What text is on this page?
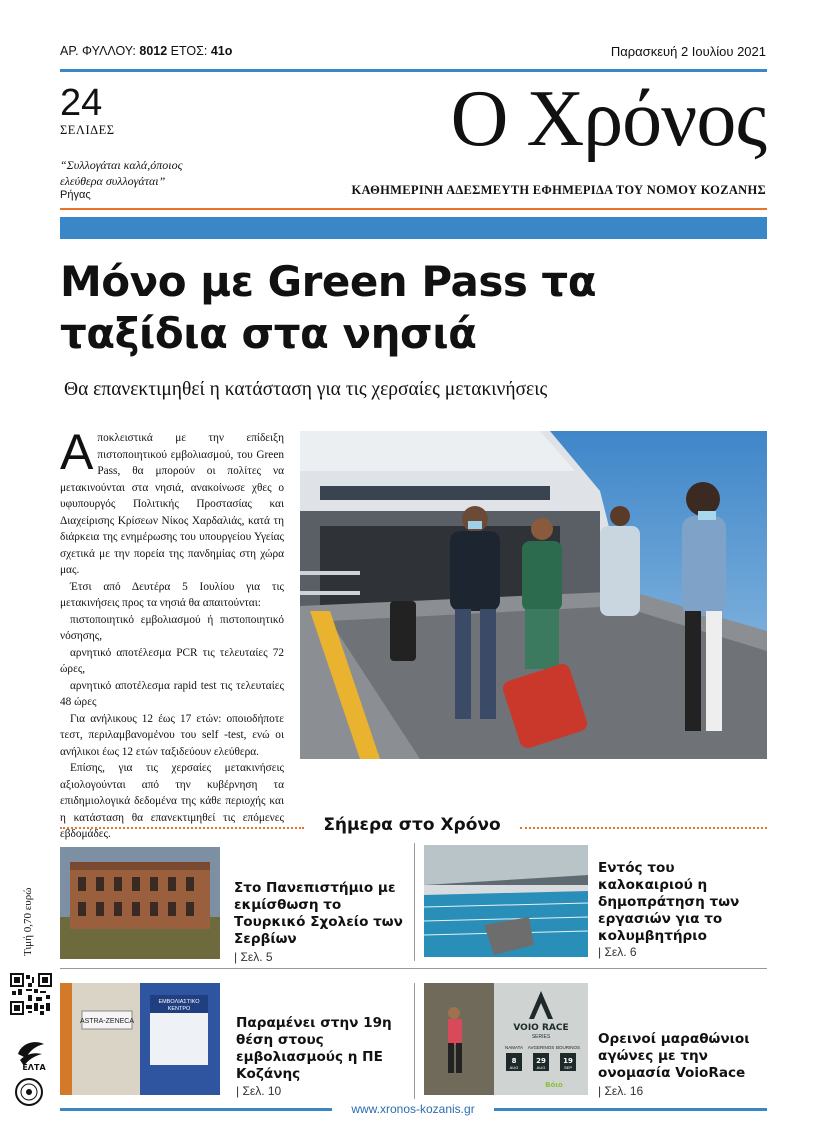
ΑΡ. ΦΥΛΛΟΥ: 8012 ΕΤΟΣ: 41ο	Παρασκευή 2 Ιουλίου 2021
24
ΣΕΛΙΔΕΣ	Ο Χρόνος
“Συλλογάται καλά,όποιος
ελεύθερα συλλογάται”
Ρήγας	ΚΑΘΗΜΕΡΙΝΗ ΑΔΕΣΜΕΥΤΗ ΕΦΗΜΕΡΙΔΑ ΤΟΥ ΝΟΜΟΥ ΚΟΖΑΝΗΣ
Μόνο με Green Pass τα
ταξίδια στα νησιά
Θα επανεκτιμηθεί η κατάσταση για τις χερσαίες μετακινήσεις

Αποκλειστικά με την επίδειξη πιστοποιητικού εμβολιασμού, του Green Pass, θα μπορούν οι πολίτες να μετακινούνται στα νησιά, ανακοίνωσε χθες ο υφυπουργός Πολιτικής Προστασίας και Διαχείρισης Κρίσεων Νίκος Χαρδαλιάς, κατά τη διάρκεια της ενημέρωσης του υπουργείου Υγείας σχετικά με την πορεία της πανδημίας στη χώρα μας.

Έτσι από Δευτέρα 5 Ιουλίου για τις μετακινήσεις προς τα νησιά θα απαιτούνται:

πιστοποιητικό εμβολιασμού ή πιστοποιητικό νόσησης,

αρνητικό αποτέλεσμα PCR τις τελευταίες 72 ώρες,

αρνητικό αποτέλεσμα rapid test τις τελευταίες 48 ώρες

Για ανήλικους 12 έως 17 ετών: οποιοδήποτε τεστ, περιλαμβανομένου του self -test, ενώ οι ανήλικοι έως 12 ετών ταξιδεύουν ελεύθερα.

Επίσης, για τις χερσαίες μετακινήσεις αξιολογούνται από την κυβέρνηση τα επιδημιολογικά δεδομένα της κάθε περιοχής και η κατάσταση θα επανεκτιμηθεί τις επόμενες εβδομάδες.	Σήμερα στο Χρόνο
Στο Πανεπιστήμιο με εκμίσθωση το Τουρκικό Σχολείο των Σερβίων
| Σελ. 5
Εντός του καλοκαιριού η δημοπράτηση των εργασιών για το κολυμβητήριο
| Σελ. 6
ASTRA-ZENECA
ΕΜΒΟΛΙΑΣΤΙΚΟ
ΚΕΝΤΡΟ
Παραμένει στην 19η θέση στους εμβολιασμούς η ΠΕ Κοζάνης
| Σελ. 10
VOIO RACE
SERIES
NAMATA AVGERINOS BOURINOS
8
AUG
29
AUG
19
SEP
Βόιο
Ορεινοί μαραθώνιοι αγώνες με την ονομασία VoioRace
| Σελ. 16
Τιμή 0,70 ευρώ
ΕΛΤΑ
www.xronos-kozanis.gr
